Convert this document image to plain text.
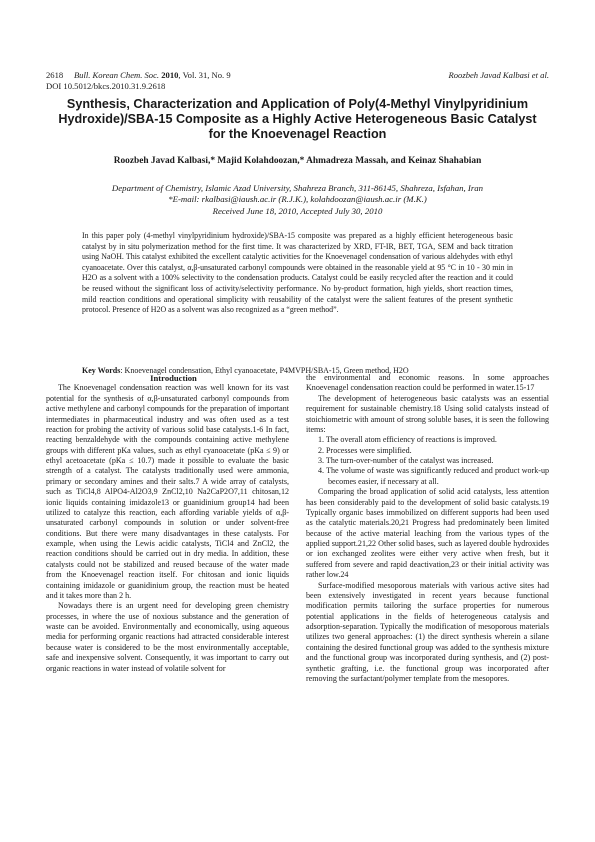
2618 Bull. Korean Chem. Soc. 2010, Vol. 31, No. 9	Roozbeh Javad Kalbasi et al.
DOI 10.5012/bkcs.2010.31.9.2618
Synthesis, Characterization and Application of Poly(4-Methyl Vinylpyridinium Hydroxide)/SBA-15 Composite as a Highly Active Heterogeneous Basic Catalyst for the Knoevenagel Reaction
Roozbeh Javad Kalbasi,* Majid Kolahdoozan,* Ahmadreza Massah, and Keinaz Shahabian
Department of Chemistry, Islamic Azad University, Shahreza Branch, 311-86145, Shahreza, Isfahan, Iran
*E-mail: rkalbasi@iaush.ac.ir (R.J.K.), kolahdoozan@iaush.ac.ir (M.K.)
Received June 18, 2010, Accepted July 30, 2010
In this paper poly (4-methyl vinylpyridinium hydroxide)/SBA-15 composite was prepared as a highly efficient heterogeneous basic catalyst by in situ polymerization method for the first time. It was characterized by XRD, FT-IR, BET, TGA, SEM and back titration using NaOH. This catalyst exhibited the excellent catalytic activities for the Knoevenagel condensation of various aldehydes with ethyl cyanoacetate. Over this catalyst, α,β-unsaturated carbonyl compounds were obtained in the reasonable yield at 95 °C in 10 - 30 min in H2O as a solvent with a 100% selectivity to the condensation products. Catalyst could be easily recycled after the reaction and it could be reused without the significant loss of activity/selectivity performance. No by-product formation, high yields, short reaction times, mild reaction conditions and operational simplicity with reusability of the catalyst were the salient features of the present synthetic protocol. Presence of H2O as a solvent was also recognized as a “green method”.
Key Words: Knoevenagel condensation, Ethyl cyanoacetate, P4MVPH/SBA-15, Green method, H2O

Introduction

The Knoevenagel condensation reaction was well known for its vast potential for the synthesis of α,β-unsaturated carbonyl compounds from active methylene and carbonyl compounds for the preparation of important intermediates in pharmaceutical industry and was often used as a test reaction for probing the activity of various solid base catalysts.1-6 In fact, reacting benzaldehyde with the compounds containing active methylene groups with different pKa values, such as ethyl cyanoacetate (pKa ≤ 9) or ethyl acetoacetate (pKa ≤ 10.7) made it possible to evaluate the basic strength of a catalyst. The catalysts traditionally used were ammonia, primary or secondary amines and their salts.7 A wide array of catalysts, such as TiCl4,8 AlPO4-Al2O3,9 ZnCl2,10 Na2CaP2O7,11 chitosan,12 ionic liquids containing imidazole13 or guanidinium group14 had been utilized to catalyze this reaction, each affording variable yields of α,β-unsaturated carbonyl compounds in solution or under solvent-free conditions. But there were many disadvantages in these catalysts. For example, when using the Lewis acidic catalysts, TiCl4 and ZnCl2, the reaction conditions should be carried out in dry media. In addition, these catalysts could not be stabilized and reused because of the water made from the Knoevenagel reaction itself. For chitosan and ionic liquids containing imidazole or guanidinium group, the reaction must be heated and it takes more than 2 h.

Nowadays there is an urgent need for developing green chemistry processes, in where the use of noxious substance and the generation of waste can be avoided. Environmentally and economically, using aqueous media for performing organic reactions had attracted considerable interest because water is considered to be the most environmentally acceptable, safe and inexpensive solvent. Consequently, it was important to carry out organic reactions in water instead of volatile solvent for

the environmental and economic reasons. In some approaches Knoevenagel condensation reaction could be performed in water.15-17

The development of heterogeneous basic catalysts was an essential requirement for sustainable chemistry.18 Using solid catalysts instead of stoichiometric with amount of strong soluble bases, it is seen the following items:

1. The overall atom efficiency of reactions is improved.
2. Processes were simplified.
3. The turn-over-number of the catalyst was increased.
4. The volume of waste was significantly reduced and product work-up becomes easier, if necessary at all.

Comparing the broad application of solid acid catalysts, less attention has been considerably paid to the development of solid basic catalysts.19 Typically organic bases immobilized on different supports had been used as the catalytic materials.20,21 Progress had predominately been limited because of the active material leaching from the various types of the applied support.21,22 Other solid bases, such as layered double hydroxides or ion exchanged zeolites were either very active when fresh, but it suffered from severe and rapid deactivation,23 or their initial activity was rather low.24

Surface-modified mesoporous materials with various active sites had been extensively investigated in recent years because functional modification permits tailoring the surface properties for numerous potential applications in the fields of heterogeneous catalysis and adsorption-separation. Typically the modification of mesoporous materials utilizes two general approaches: (1) the direct synthesis wherein a silane containing the desired functional group was added to the synthesis mixture and the functional group was incorporated during synthesis, and (2) post-synthetic grafting, i.e. the functional group was incorporated after removing the surfactant/polymer template from the mesopores.
